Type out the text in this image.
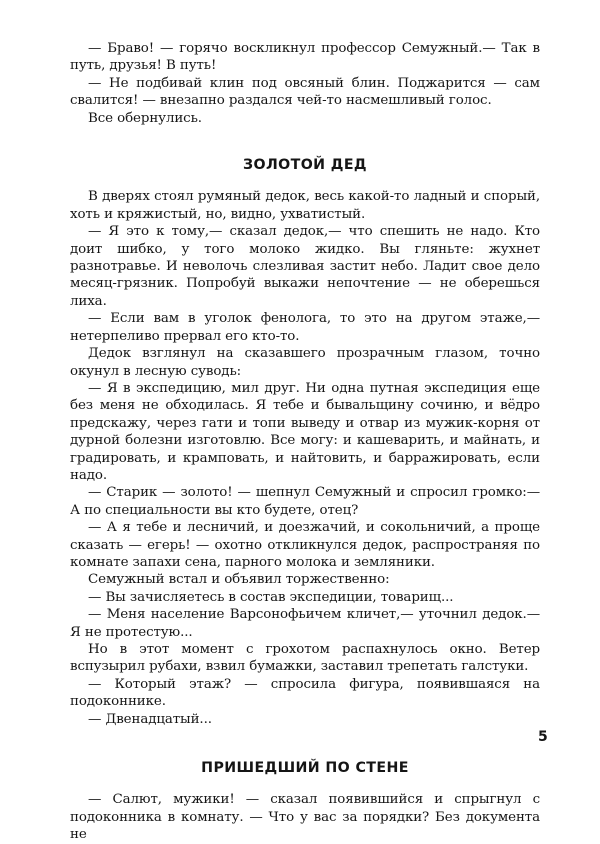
— Браво! — горячо воскликнул профессор Семужный.— Так в путь, друзья! В путь!

— Не подбивай клин под овсяный блин. Поджарится — сам свалится! — внезапно раздался чей-то насмешливый голос.

Все обернулись.

ЗОЛОТОЙ ДЕД

В дверях стоял румяный дедок, весь какой-то ладный и спорый, хоть и кряжистый, но, видно, ухватистый.

— Я это к тому,— сказал дедок,— что спешить не надо. Кто доит шибко, у того молоко жидко. Вы гляньте: жухнет разнотравье. И неволочь слезливая застит небо. Ладит свое дело месяц-грязник. Попробуй выкажи непочтение — не оберешься лиха.

— Если вам в уголок фенолога, то это на другом этаже,— нетерпеливо прервал его кто-то.

Дедок взглянул на сказавшего прозрачным глазом, точно окунул в лесную суводь:

— Я в экспедицию, мил друг. Ни одна путная экспедиция еще без меня не обходилась. Я тебе и бывальщину сочиню, и вёдро предскажу, через гати и топи выведу и отвар из мужик-корня от дурной болезни изготовлю. Все могу: и кашеварить, и майнать, и градировать, и крамповать, и найтовить, и барражировать, если надо.

— Старик — золото! — шепнул Семужный и спросил громко:— А по специальности вы кто будете, отец?

— А я тебе и лесничий, и доезжачий, и сокольничий, а проще сказать — егерь! — охотно откликнулся дедок, распространяя по комнате запахи сена, парного молока и земляники.

Семужный встал и объявил торжественно:

— Вы зачисляетесь в состав экспедиции, товарищ...

— Меня население Варсонофьичем кличет,— уточнил дедок.— Я не протестую...

Но в этот момент с грохотом распахнулось окно. Ветер вспузырил рубахи, взвил бумажки, заставил трепетать галстуки.

— Который этаж? — спросила фигура, появившаяся на подоконнике.

— Двенадцатый...

ПРИШЕДШИЙ ПО СТЕНЕ

— Салют, мужики! — сказал появившийся и спрыгнул с подоконника в комнату. — Что у вас за порядки? Без документа не

5
